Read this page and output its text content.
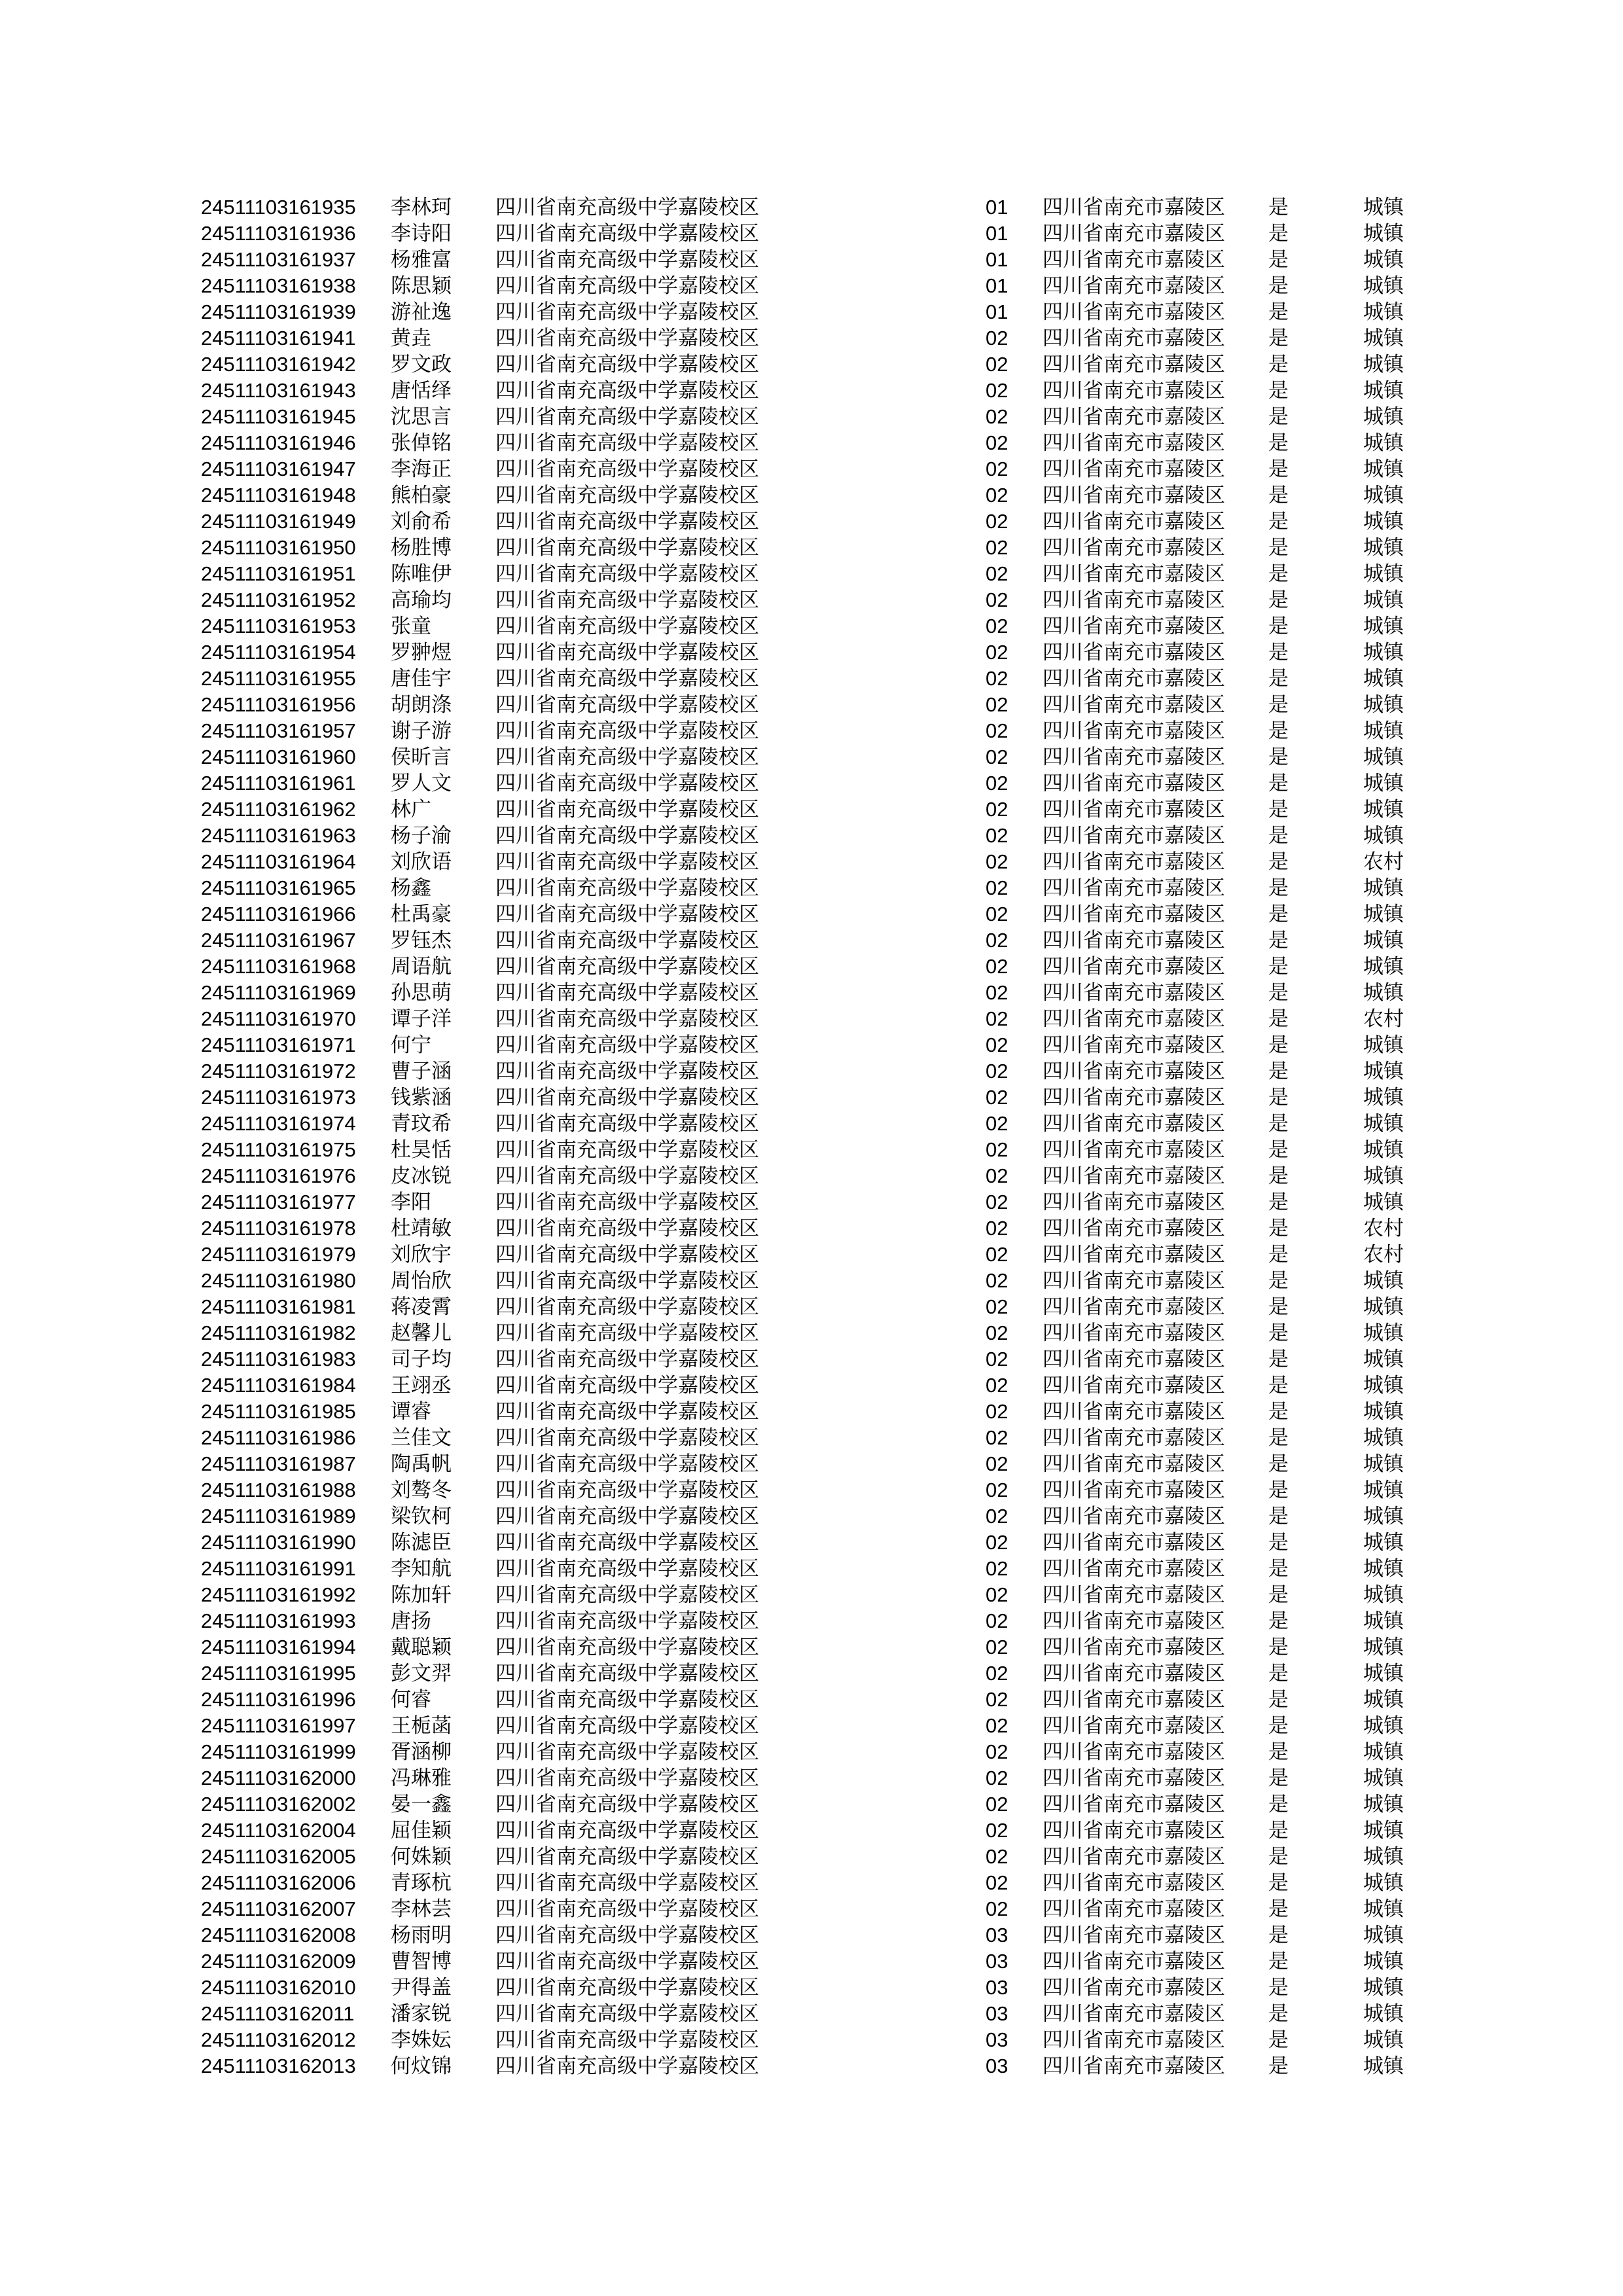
24511103161935 李林珂 四川省南充高级中学嘉陵校区	01 四川省南充市嘉陵区 是	城镇
24511103161936 李诗阳 四川省南充高级中学嘉陵校区	01 四川省南充市嘉陵区 是	城镇
24511103161937 杨雅富 四川省南充高级中学嘉陵校区	01 四川省南充市嘉陵区 是	城镇
24511103161938 陈思颖 四川省南充高级中学嘉陵校区	01 四川省南充市嘉陵区 是	城镇
24511103161939 游祉逸 四川省南充高级中学嘉陵校区	01 四川省南充市嘉陵区 是	城镇
24511103161941 黄垚	四川省南充高级中学嘉陵校区	02 四川省南充市嘉陵区 是	城镇
24511103161942 罗文政 四川省南充高级中学嘉陵校区	02 四川省南充市嘉陵区 是	城镇
24511103161943 唐恬绎 四川省南充高级中学嘉陵校区	02 四川省南充市嘉陵区 是	城镇
24511103161945 沈思言 四川省南充高级中学嘉陵校区	02 四川省南充市嘉陵区 是	城镇
24511103161946 张倬铭 四川省南充高级中学嘉陵校区	02 四川省南充市嘉陵区 是	城镇
24511103161947 李海正 四川省南充高级中学嘉陵校区	02 四川省南充市嘉陵区 是	城镇
24511103161948 熊柏豪 四川省南充高级中学嘉陵校区	02 四川省南充市嘉陵区 是	城镇
24511103161949 刘俞希 四川省南充高级中学嘉陵校区	02 四川省南充市嘉陵区 是	城镇
24511103161950 杨胜博 四川省南充高级中学嘉陵校区	02 四川省南充市嘉陵区 是	城镇
24511103161951 陈唯伊 四川省南充高级中学嘉陵校区	02 四川省南充市嘉陵区 是	城镇
24511103161952 高瑜均 四川省南充高级中学嘉陵校区	02 四川省南充市嘉陵区 是	城镇
24511103161953 张童	四川省南充高级中学嘉陵校区	02 四川省南充市嘉陵区 是	城镇
24511103161954 罗翀煜 四川省南充高级中学嘉陵校区	02 四川省南充市嘉陵区 是	城镇
24511103161955 唐佳宇 四川省南充高级中学嘉陵校区	02 四川省南充市嘉陵区 是	城镇
24511103161956 胡朗涤 四川省南充高级中学嘉陵校区	02 四川省南充市嘉陵区 是	城镇
24511103161957 谢子游 四川省南充高级中学嘉陵校区	02 四川省南充市嘉陵区 是	城镇
24511103161960 侯昕言 四川省南充高级中学嘉陵校区	02 四川省南充市嘉陵区 是	城镇
24511103161961 罗人文 四川省南充高级中学嘉陵校区	02 四川省南充市嘉陵区 是	城镇
24511103161962 林广	四川省南充高级中学嘉陵校区	02 四川省南充市嘉陵区 是	城镇
24511103161963 杨子渝 四川省南充高级中学嘉陵校区	02 四川省南充市嘉陵区 是	城镇
24511103161964 刘欣语 四川省南充高级中学嘉陵校区	02 四川省南充市嘉陵区 是	农村
24511103161965 杨鑫	四川省南充高级中学嘉陵校区	02 四川省南充市嘉陵区 是	城镇
24511103161966 杜禹豪 四川省南充高级中学嘉陵校区	02 四川省南充市嘉陵区 是	城镇
24511103161967 罗钰杰 四川省南充高级中学嘉陵校区	02 四川省南充市嘉陵区 是	城镇
24511103161968 周语航 四川省南充高级中学嘉陵校区	02 四川省南充市嘉陵区 是	城镇
24511103161969 孙思萌 四川省南充高级中学嘉陵校区	02 四川省南充市嘉陵区 是	城镇
24511103161970 谭子洋 四川省南充高级中学嘉陵校区	02 四川省南充市嘉陵区 是	农村
24511103161971 何宁	四川省南充高级中学嘉陵校区	02 四川省南充市嘉陵区 是	城镇
24511103161972 曹子涵 四川省南充高级中学嘉陵校区	02 四川省南充市嘉陵区 是	城镇
24511103161973 钱紫涵 四川省南充高级中学嘉陵校区	02 四川省南充市嘉陵区 是	城镇
24511103161974 青玟希 四川省南充高级中学嘉陵校区	02 四川省南充市嘉陵区 是	城镇
24511103161975 杜昊恬 四川省南充高级中学嘉陵校区	02 四川省南充市嘉陵区 是	城镇
24511103161976 皮冰锐 四川省南充高级中学嘉陵校区	02 四川省南充市嘉陵区 是	城镇
24511103161977 李阳	四川省南充高级中学嘉陵校区	02 四川省南充市嘉陵区 是	城镇
24511103161978 杜靖敏 四川省南充高级中学嘉陵校区	02 四川省南充市嘉陵区 是	农村
24511103161979 刘欣宇 四川省南充高级中学嘉陵校区	02 四川省南充市嘉陵区 是	农村
24511103161980 周怡欣 四川省南充高级中学嘉陵校区	02 四川省南充市嘉陵区 是	城镇
24511103161981 蒋凌霄 四川省南充高级中学嘉陵校区	02 四川省南充市嘉陵区 是	城镇
24511103161982 赵馨儿 四川省南充高级中学嘉陵校区	02 四川省南充市嘉陵区 是	城镇
24511103161983 司子均 四川省南充高级中学嘉陵校区	02 四川省南充市嘉陵区 是	城镇
24511103161984 王翊丞 四川省南充高级中学嘉陵校区	02 四川省南充市嘉陵区 是	城镇
24511103161985 谭睿	四川省南充高级中学嘉陵校区	02 四川省南充市嘉陵区 是	城镇
24511103161986 兰佳文 四川省南充高级中学嘉陵校区	02 四川省南充市嘉陵区 是	城镇
24511103161987 陶禹帆 四川省南充高级中学嘉陵校区	02 四川省南充市嘉陵区 是	城镇
24511103161988 刘骜冬 四川省南充高级中学嘉陵校区	02 四川省南充市嘉陵区 是	城镇
24511103161989 梁钦柯 四川省南充高级中学嘉陵校区	02 四川省南充市嘉陵区 是	城镇
24511103161990 陈滤臣 四川省南充高级中学嘉陵校区	02 四川省南充市嘉陵区 是	城镇
24511103161991 李知航 四川省南充高级中学嘉陵校区	02 四川省南充市嘉陵区 是	城镇
24511103161992 陈加轩 四川省南充高级中学嘉陵校区	02 四川省南充市嘉陵区 是	城镇
24511103161993 唐扬	四川省南充高级中学嘉陵校区	02 四川省南充市嘉陵区 是	城镇
24511103161994 戴聪颖 四川省南充高级中学嘉陵校区	02 四川省南充市嘉陵区 是	城镇
24511103161995 彭文羿 四川省南充高级中学嘉陵校区	02 四川省南充市嘉陵区 是	城镇
24511103161996 何睿	四川省南充高级中学嘉陵校区	02 四川省南充市嘉陵区 是	城镇
24511103161997 王栀菡 四川省南充高级中学嘉陵校区	02 四川省南充市嘉陵区 是	城镇
24511103161999 胥涵柳 四川省南充高级中学嘉陵校区	02 四川省南充市嘉陵区 是	城镇
24511103162000 冯琳雅 四川省南充高级中学嘉陵校区	02 四川省南充市嘉陵区 是	城镇
24511103162002 晏一鑫 四川省南充高级中学嘉陵校区	02 四川省南充市嘉陵区 是	城镇
24511103162004 屈佳颖 四川省南充高级中学嘉陵校区	02 四川省南充市嘉陵区 是	城镇
24511103162005 何姝颖 四川省南充高级中学嘉陵校区	02 四川省南充市嘉陵区 是	城镇
24511103162006 青琢杭 四川省南充高级中学嘉陵校区	02 四川省南充市嘉陵区 是	城镇
24511103162007 李林芸 四川省南充高级中学嘉陵校区	02 四川省南充市嘉陵区 是	城镇
24511103162008 杨雨明 四川省南充高级中学嘉陵校区	03 四川省南充市嘉陵区 是	城镇
24511103162009 曹智博 四川省南充高级中学嘉陵校区	03 四川省南充市嘉陵区 是	城镇
24511103162010 尹得盖 四川省南充高级中学嘉陵校区	03 四川省南充市嘉陵区 是	城镇
24511103162011 潘家锐 四川省南充高级中学嘉陵校区	03 四川省南充市嘉陵区 是	城镇
24511103162012 李姝妘 四川省南充高级中学嘉陵校区	03 四川省南充市嘉陵区 是	城镇
24511103162013 何炆锦 四川省南充高级中学嘉陵校区	03 四川省南充市嘉陵区 是	城镇
